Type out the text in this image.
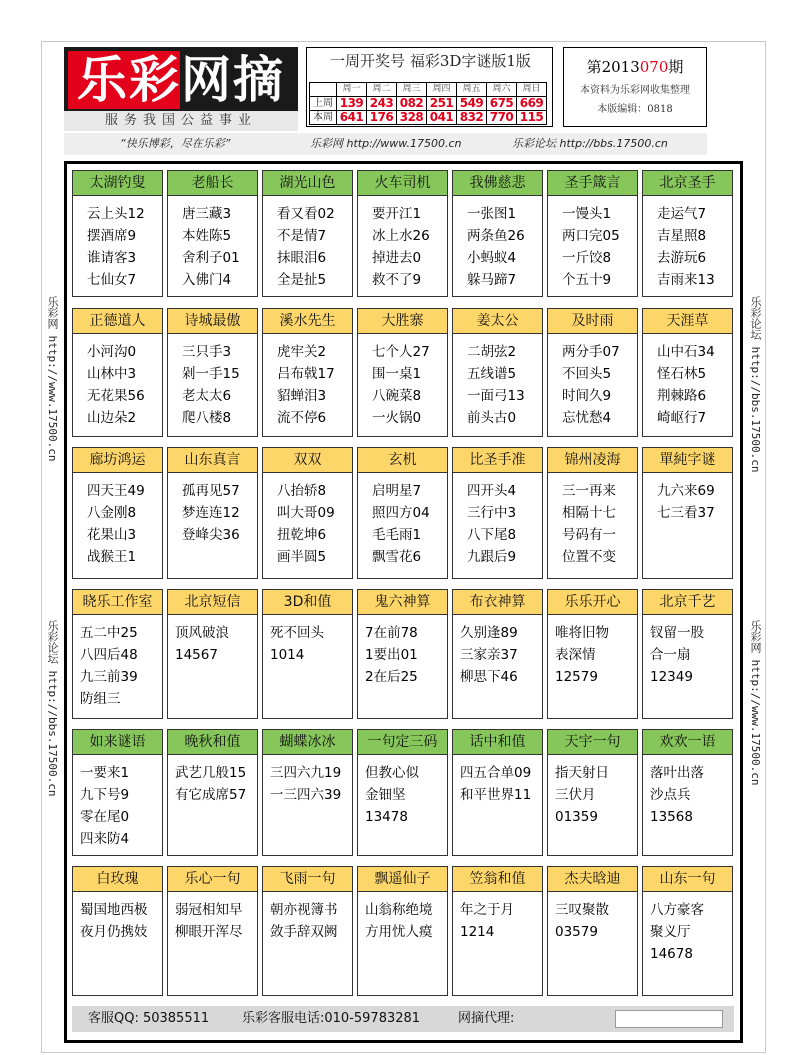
乐彩网摘
服务我国公益事业
一周开奖号 福彩3D字谜版1版
	周一	周二	周三	周四	周五	周六	周日
上周	139	243	082	251	549	675	669
本周	641	176	328	041	832	770	115
第2013070期
本资料为乐彩网收集整理
本版编辑：0818
“快乐博彩，尽在乐彩”	乐彩网 http://www.17500.cn	乐彩论坛 http://bbs.17500.cn
乐彩网 http://www.17500.cn
乐彩论坛 http://bbs.17500.cn
乐彩论坛 http://bbs.17500.cn
乐彩网 http://www.17500.cn
太湖钓叟
云上头12
摆酒席9
谁请客3
七仙女7
老船长
唐三藏3
本姓陈5
舍利子01
入佛门4
湖光山色
看又看02
不是情7
抹眼泪6
全是扯5
火车司机
要开江1
冰上水26
掉进去0
救不了9
我佛慈悲
一张图1
两条鱼26
小蚂蚁4
躲马蹄7
圣手箴言
一馒头1
两口完05
一斤饺8
个五十9
北京圣手
走运气7
吉星照8
去游玩6
吉雨来13
正德道人
小河沟0
山林中3
无花果56
山边朵2
诗城最傲
三只手3
剁一手15
老太太6
爬八楼8
溪水先生
虎牢关2
吕布戟17
貂蝉泪3
流不停6
大胜寨
七个人27
围一桌1
八碗菜8
一火锅0
姜太公
二胡弦2
五线谱5
一面弓13
前头古0
及时雨
两分手07
不回头5
时间久9
忘忧愁4
天涯草
山中石34
怪石林5
荆棘路6
崎岖行7
廊坊鸿运
四天王49
八金刚8
花果山3
战猴王1
山东真言
孤再见57
梦连连12
登峰尖36
双双
八抬轿8
叫大哥09
扭乾坤6
画半圆5
玄机
启明星7
照四方04
毛毛雨1
飘雪花6
比圣手准
四开头4
三行中3
八下尾8
九跟后9
锦州凌海
三一再来
相隔十七
号码有一
位置不变
單純字谜
九六来69
七三看37
晓乐工作室
五二中25
八四后48
九三前39
防组三
北京短信
顶风破浪
14567
3D和值
死不回头
1014
鬼六神算
7在前78
1要出01
2在后25
布衣神算
久别逢89
三家亲37
柳思下46
乐乐开心
唯将旧物
表深情
12579
北京千艺
钗留一股
合一扇
12349
如来谜语
一要来1
九下号9
零在尾0
四来防4
晚秋和值
武艺几般15
有它成席57
蝴蝶冰冰
三四六九19
一三四六39
一句定三码
但教心似
金钿坚
13478
话中和值
四五合单09
和平世界11
天宇一句
指天射日
三伏月
01359
欢欢一语
落叶出落
沙点兵
13568
白玫瑰
蜀国地西极
夜月仍携妓
乐心一句
弱冠相知早
柳眼开浑尽
飞雨一句
朝亦视簿书
敛手辞双阙
飘遥仙子
山翁称绝境
方用忧人瘼
笠翁和值
年之于月
1214
杰夫晗迪
三叹聚散
03579
山东一句
八方豪客
聚义厅
14678
客服QQ: 50385511	乐彩客服电话:010-59783281	网摘代理:
